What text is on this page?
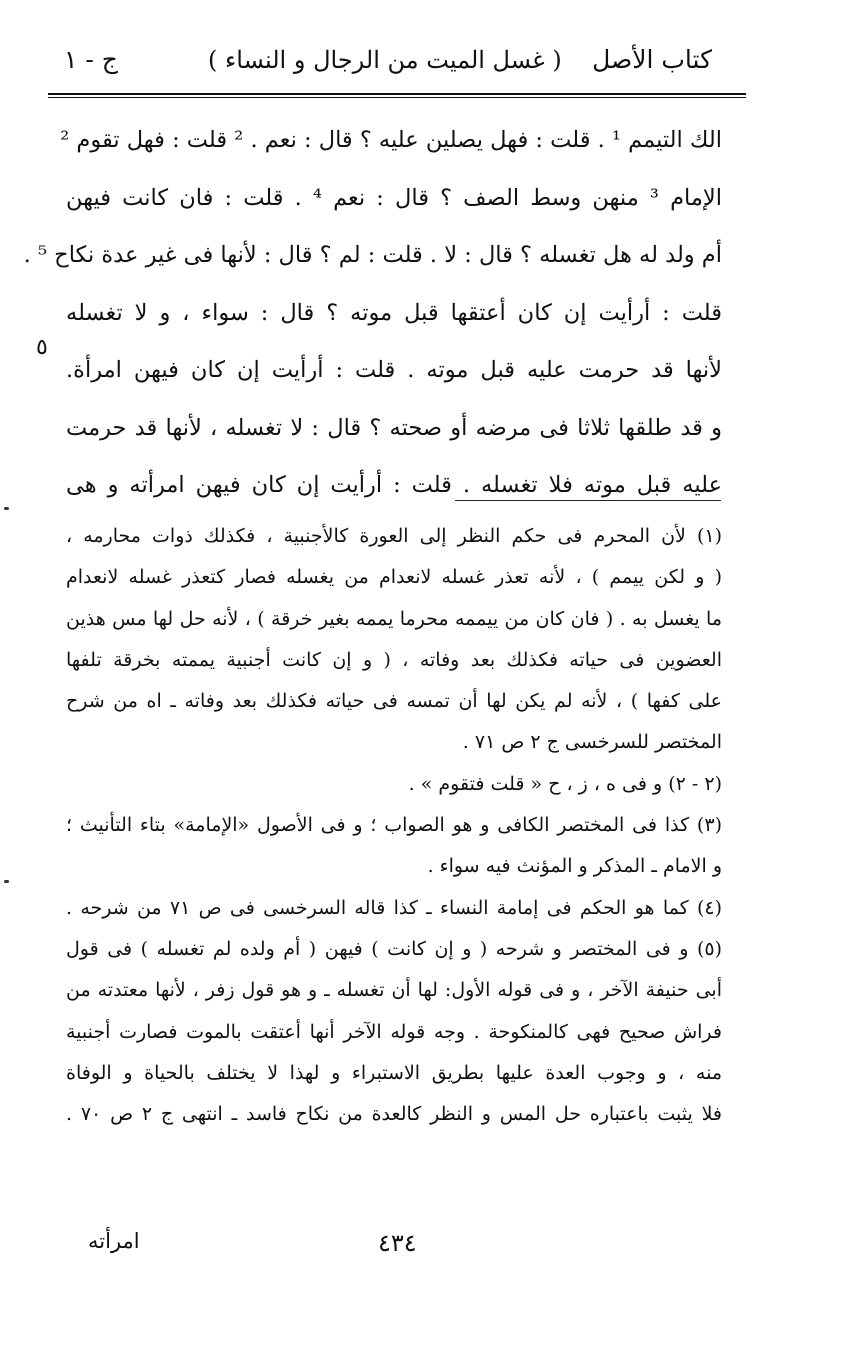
كتاب الأصل
( غسل الميت من الرجال و النساء )
ج - ١
الك التيمم ¹ . قلت : فهل يصلين عليه ؟ قال : نعم . ² قلت : فهل تقوم ²
الإمام ³ منهن وسط الصف ؟ قال : نعم ⁴ . قلت : فان كانت فيهن
أم ولد له هل تغسله ؟ قال : لا . قلت : لم ؟ قال : لأنها فى غير عدة نكاح ⁵ .
قلت : أرأيت إن كان أعتقها قبل موته ؟ قال : سواء ، و لا تغسله
لأنها قد حرمت عليه قبل موته . قلت : أرأيت إن كان فيهن امرأة.
و قد طلقها ثلاثا فى مرضه أو صحته ؟ قال : لا تغسله ، لأنها قد حرمت
عليه قبل موته فلا تغسله . قلت : أرأيت إن كان فيهن امرأته و هى
٥
(١) لأن المحرم فى حكم النظر إلى العورة كالأجنبية ، فكذلك ذوات محارمه ،
( و لكن ييمم ) ، لأنه تعذر غسله لانعدام من يغسله فصار كتعذر غسله لانعدام
ما يغسل به . ( فان كان من ييممه محرما يممه بغير خرقة ) ، لأنه حل لها مس هذين
العضوين فى حياته فكذلك بعد وفاته ، ( و إن كانت أجنبية يممته بخرقة تلفها
على كفها ) ، لأنه لم يكن لها أن تمسه فى حياته فكذلك بعد وفاته ـ اه من شرح
المختصر للسرخسى ج ٢ ص ٧١ .
(٢ - ٢) و فى ه ، ز ، ح « قلت فتقوم » .
(٣) كذا فى المختصر الكافى و هو الصواب ؛ و فى الأصول «الإمامة» بتاء التأنيث ؛
و الامام ـ المذكر و المؤنث فيه سواء .
(٤) كما هو الحكم فى إمامة النساء ـ كذا قاله السرخسى فى ص ٧١ من شرحه .
(٥) و فى المختصر و شرحه ( و إن كانت ) فيهن ( أم ولده لم تغسله ) فى قول
أبى حنيفة الآخر ، و فى قوله الأول: لها أن تغسله ـ و هو قول زفر ، لأنها معتدته من
فراش صحيح فهى كالمنكوحة . وجه قوله الآخر أنها أعتقت بالموت فصارت أجنبية
منه ، و وجوب العدة عليها بطريق الاستبراء و لهذا لا يختلف بالحياة و الوفاة
فلا يثبت باعتباره حل المس و النظر كالعدة من نكاح فاسد ـ انتهى ج ٢ ص ٧٠ .
٤٣٤
امرأته
